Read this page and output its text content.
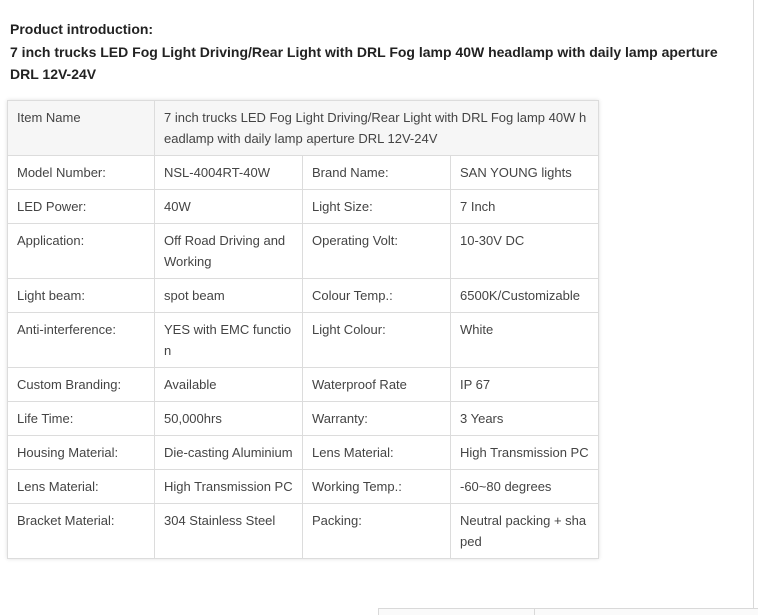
Product introduction:
7 inch trucks LED Fog Light Driving/Rear Light with DRL Fog lamp 40W headlamp with daily lamp aperture DRL 12V-24V
Item Name	7 inch trucks LED Fog Light Driving/Rear Light with DRL Fog lamp 40W headlamp with daily lamp aperture DRL 12V-24V		
Model Number:	NSL-4004RT-40W	Brand Name:	SAN YOUNG lights
LED Power:	40W	Light Size:	7 Inch
Application:	Off Road Driving and Working	Operating Volt:	10-30V DC
Light beam:	spot beam	Colour Temp.:	6500K/Customizable
Anti-interference:	YES with EMC function	Light Colour:	White
Custom Branding:	Available	Waterproof Rate	IP 67
Life Time:	50,000hrs	Warranty:	3 Years
Housing Material:	Die-casting Aluminium	Lens Material:	High Transmission PC
Lens Material:	High Transmission PC	Working Temp.:	-60~80 degrees
Bracket Material:	304 Stainless Steel	Packing:	Neutral packing + shaped
